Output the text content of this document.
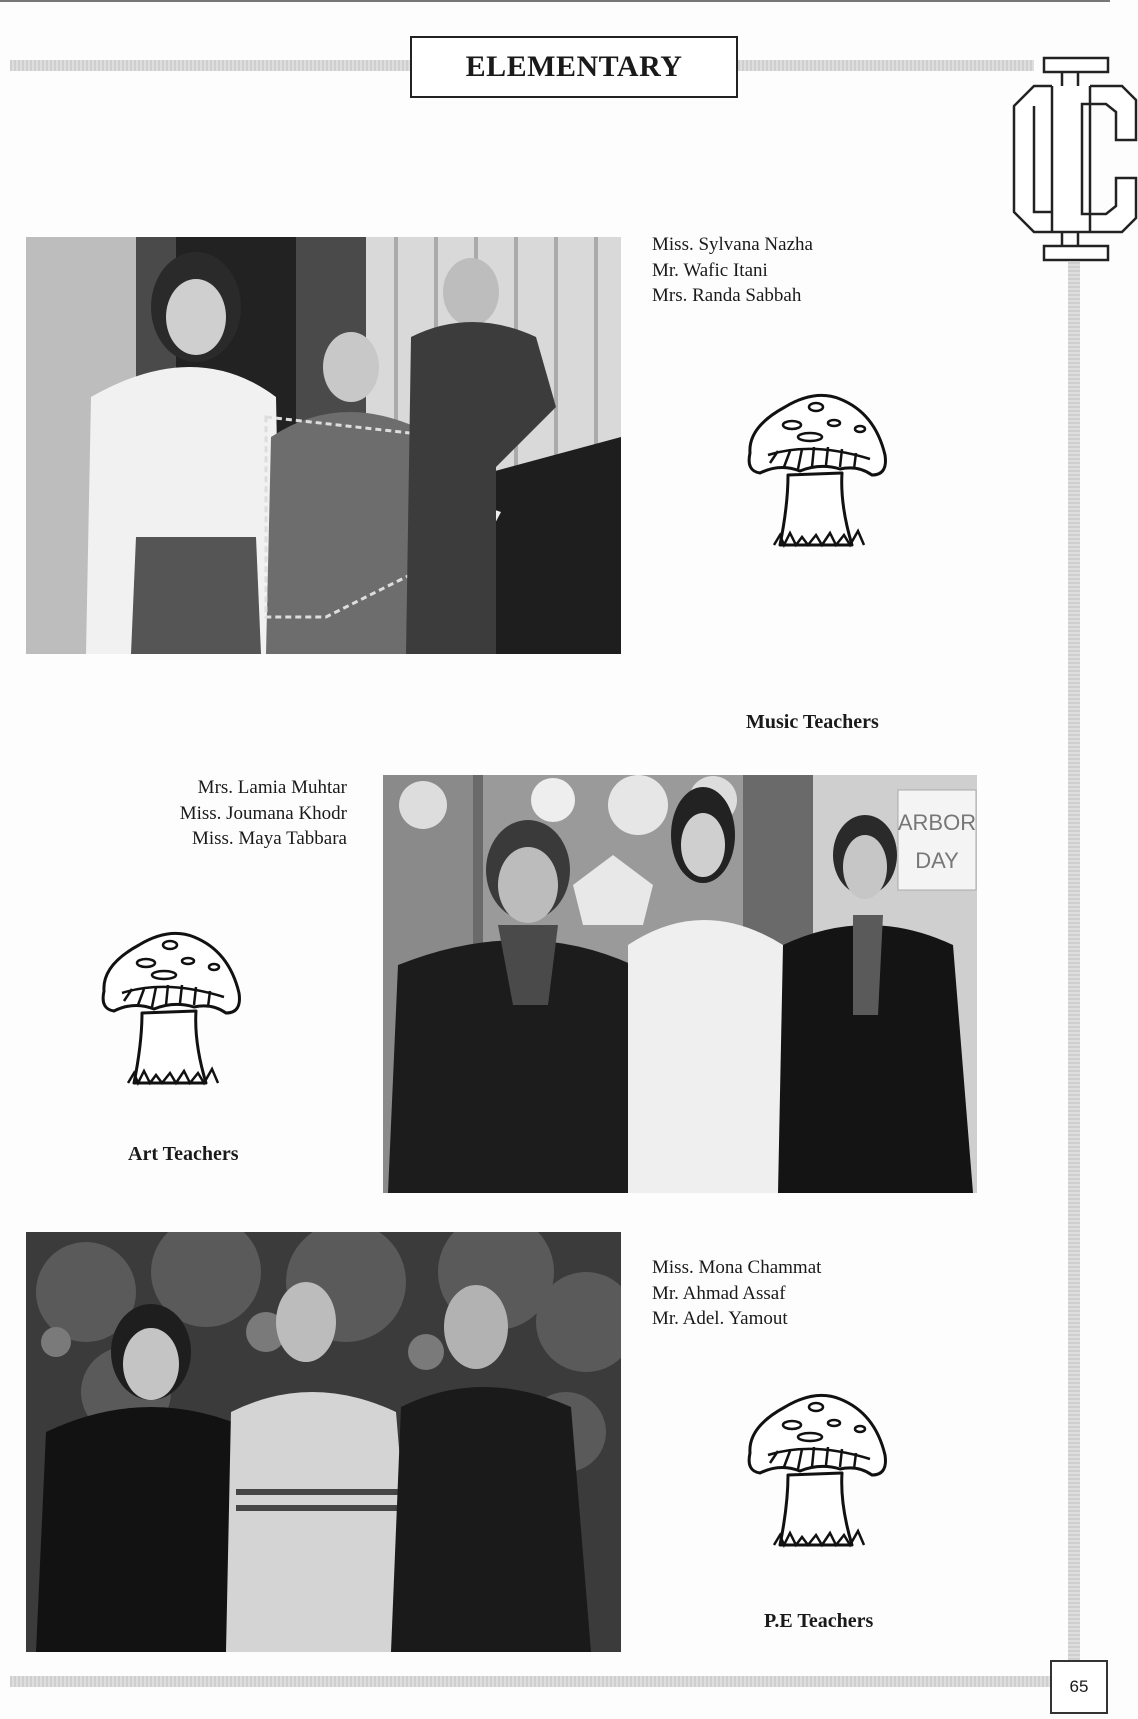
ELEMENTARY
Miss. Sylvana Nazha
Mr. Wafic Itani
Mrs. Randa Sabbah
Music Teachers
Mrs. Lamia Muhtar
Miss. Joumana Khodr
Miss. Maya Tabbara
Art Teachers
ARBOR
DAY
Miss. Mona Chammat
Mr. Ahmad Assaf
Mr. Adel. Yamout
P.E Teachers
65
